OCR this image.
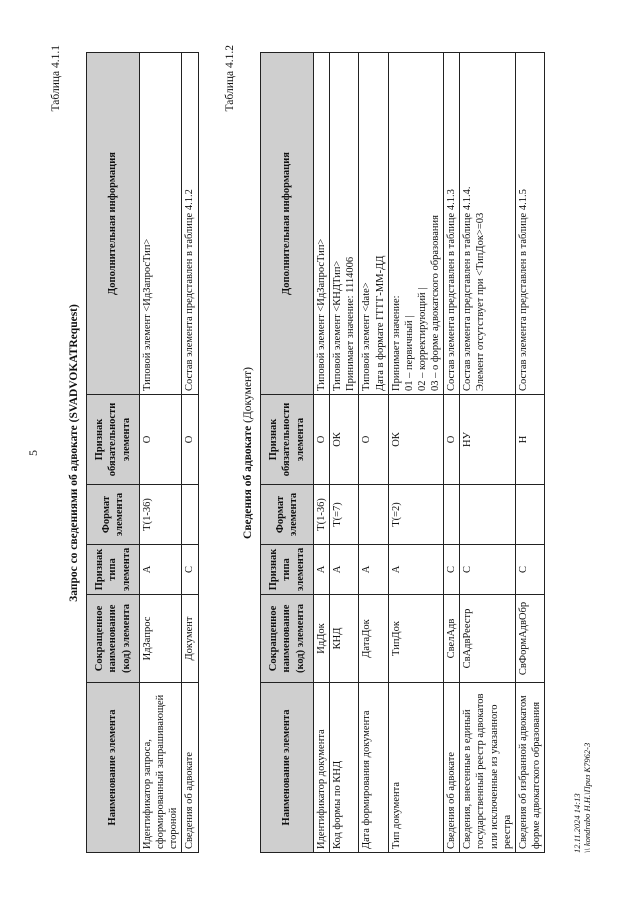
5
Таблица 4.1.1
Запрос со сведениями об адвокате (SVADVOKATRequest)
Наименование элемента	Сокращенное наименование (код) элемента	Признак типа элемента	Формат элемента	Признак обязательности элемента	Дополнительная информация
Идентификатор запроса, сформированный запрашивающей стороной	ИдЗапрос	А	Т(1-36)	О	Типовой элемент <ИдЗапросТип>

Сведения об адвокате	Документ	С		О	Состав элемента представлен в таблице 4.1.2
Таблица 4.1.2
Сведения об адвокате (Документ)
Наименование элемента	Сокращенное наименование (код) элемента	Признак типа элемента	Формат элемента	Признак обязательности элемента	Дополнительная информация
Идентификатор документа	ИдДок	А	Т(1-36)	О	Типовой элемент <ИдЗапросТип>

Код формы по КНД	КНД	А	Т(=7)	ОК	Типовой элемент <КНДТип> Принимает значение: 1114006

Дата формирования документа	ДатаДок	А		О	Типовой элемент <date> Дата в формате ГГГГ-ММ-ДД

Тип документа	ТипДок	А	Т(=2)	ОК	Принимает значение: 01 – первичный | 02 – корректирующий | 03 – о форме адвокатского образования

Сведения об адвокате	СвелАдв	С		О	Состав элемента представлен в таблице 4.1.3

Сведения, внесенные в единый государственный реестр адвокатов или исключенные из указанного реестра	СвАдвРеестр	С		НУ	Состав элемента представлен в таблице 4.1.4. Элемент отсутствует при <ТипДок>=03

Сведения об избранной адвокатом форме адвокатского образования	СвФормАдвОбр	С		Н	Состав элемента представлен в таблице 4.1.5
12.11.2024 14:13 \\ kondrabo Н.Н.\Приз К7962-3
